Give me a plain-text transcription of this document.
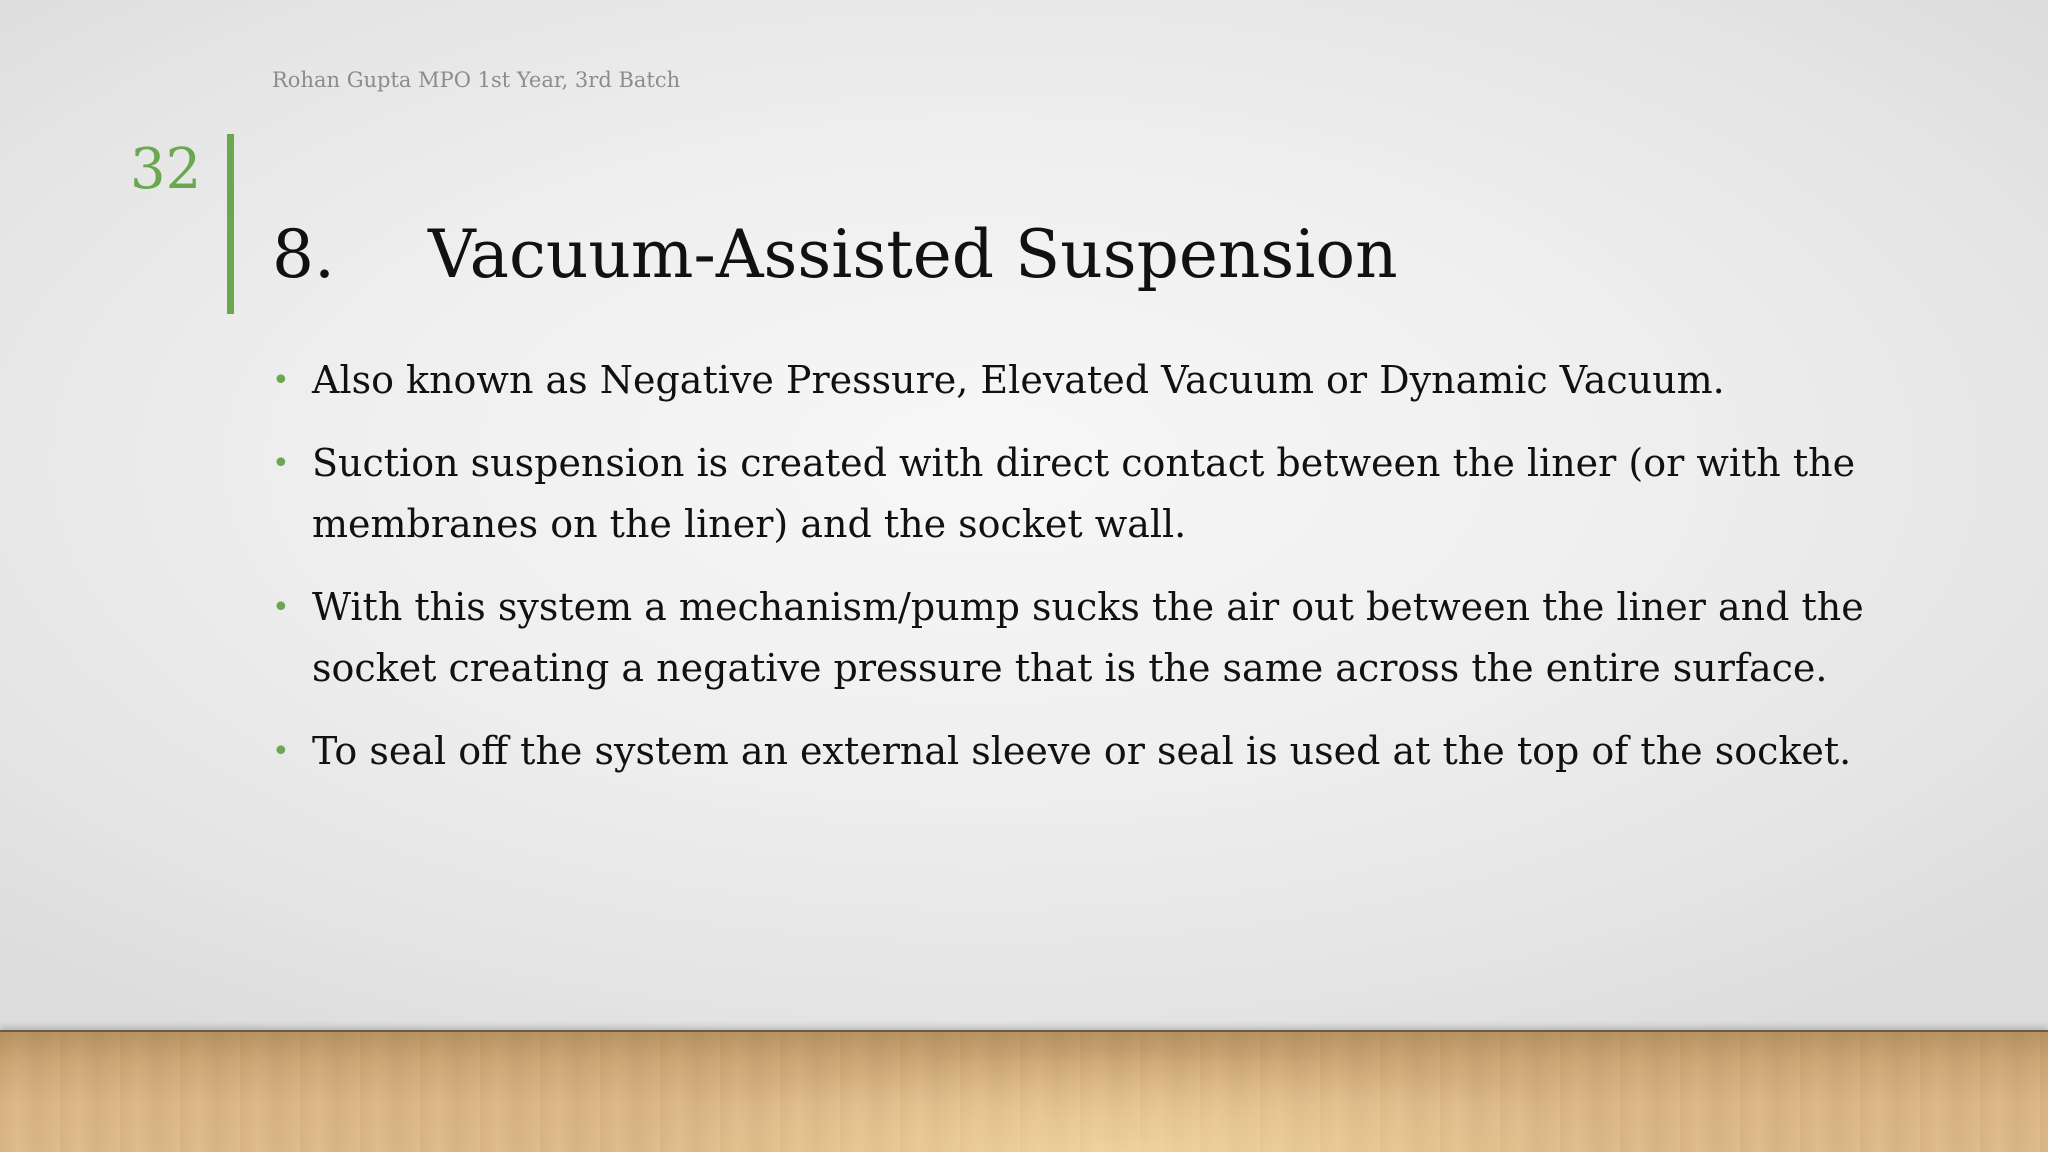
Rohan Gupta MPO 1st Year, 3rd Batch
32
8.	Vacuum-Assisted Suspension
• Also known as Negative Pressure, Elevated Vacuum or Dynamic Vacuum.
• Suction suspension is created with direct contact between the liner (or with the membranes on the liner) and the socket wall.
• With this system a mechanism/pump sucks the air out between the liner and the socket creating a negative pressure that is the same across the entire surface.
• To seal off the system an external sleeve or seal is used at the top of the socket.
